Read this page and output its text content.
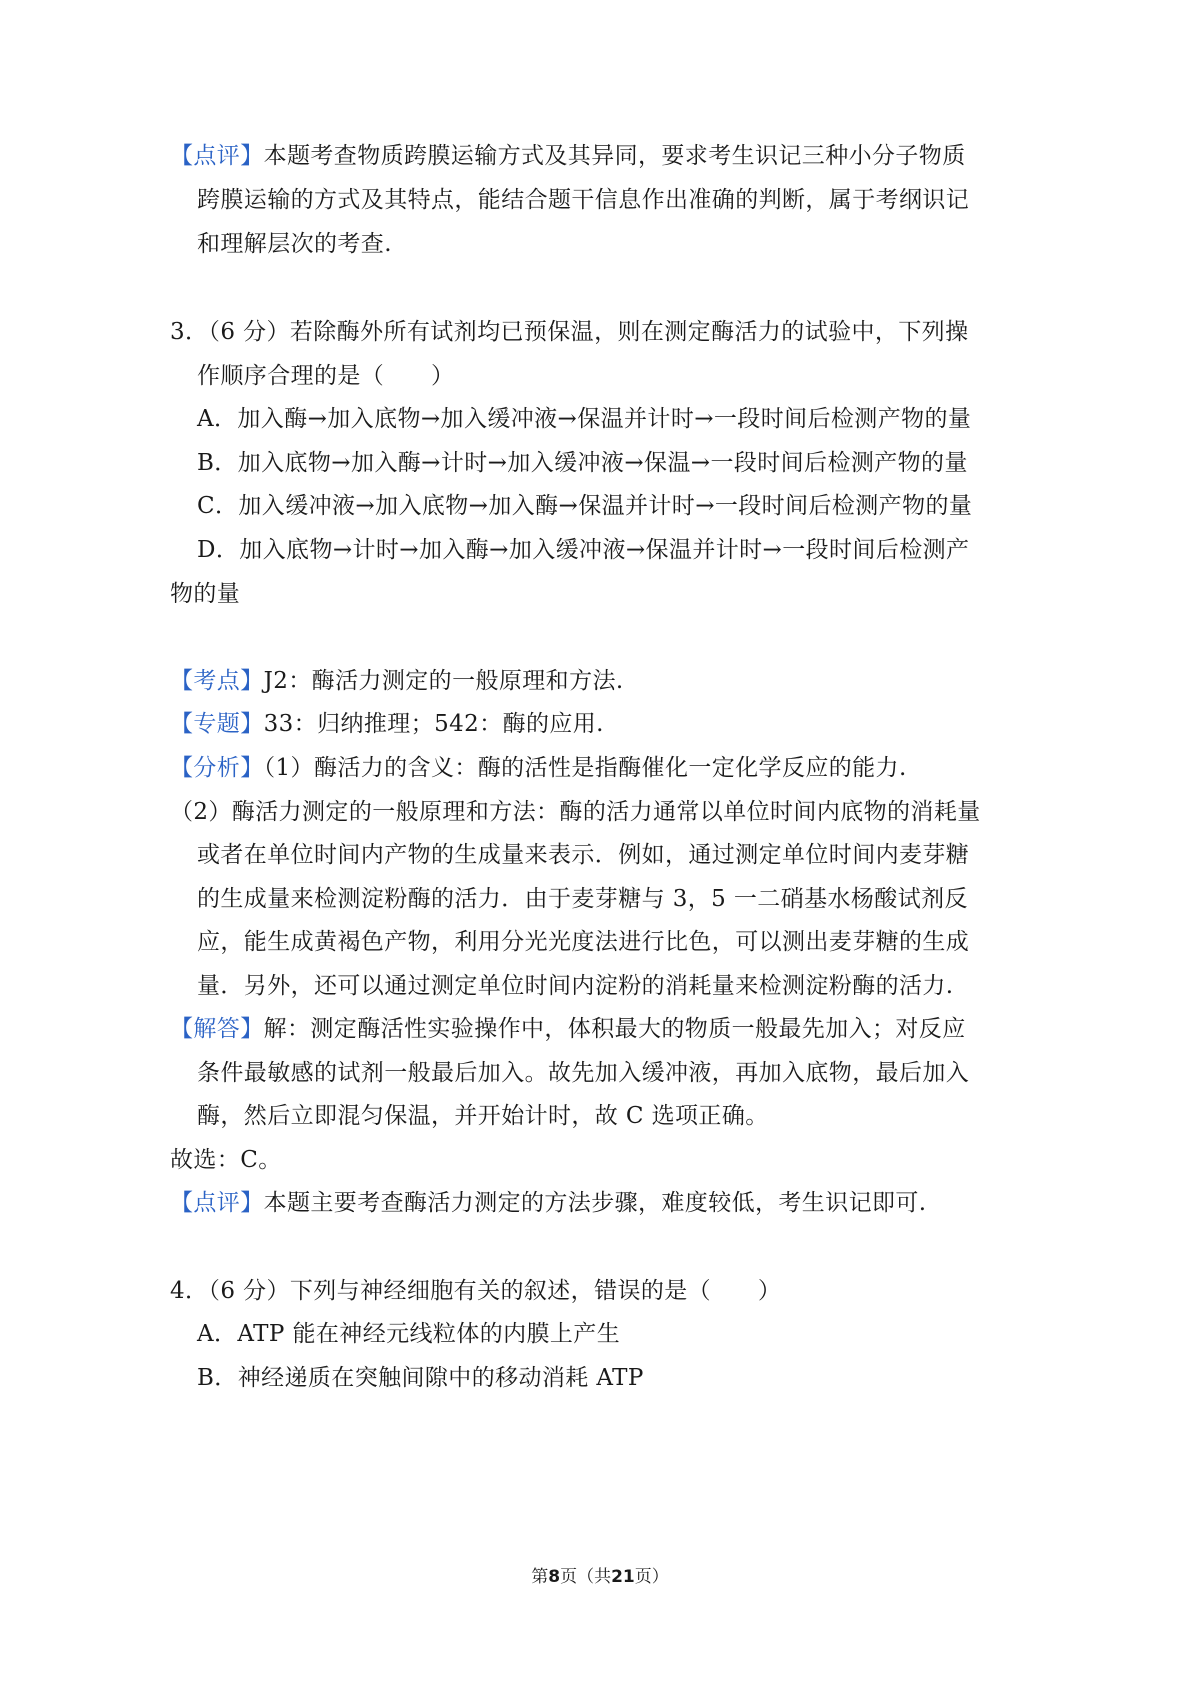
【点评】本题考查物质跨膜运输方式及其异同，要求考生识记三种小分子物质
跨膜运输的方式及其特点，能结合题干信息作出准确的判断，属于考纲识记
和理解层次的考查.
3．（6 分）若除酶外所有试剂均已预保温，则在测定酶活力的试验中，下列操
作顺序合理的是（　　）
A．加入酶→加入底物→加入缓冲液→保温并计时→一段时间后检测产物的量
B．加入底物→加入酶→计时→加入缓冲液→保温→一段时间后检测产物的量
C．加入缓冲液→加入底物→加入酶→保温并计时→一段时间后检测产物的量
D．加入底物→计时→加入酶→加入缓冲液→保温并计时→一段时间后检测产
物的量
【考点】J2：酶活力测定的一般原理和方法.
【专题】33：归纳推理；542：酶的应用.
【分析】（1）酶活力的含义：酶的活性是指酶催化一定化学反应的能力.
（2）酶活力测定的一般原理和方法：酶的活力通常以单位时间内底物的消耗量
或者在单位时间内产物的生成量来表示．例如，通过测定单位时间内麦芽糖
的生成量来检测淀粉酶的活力．由于麦芽糖与 3，5 一二硝基水杨酸试剂反
应，能生成黄褐色产物，利用分光光度法进行比色，可以测出麦芽糖的生成
量．另外，还可以通过测定单位时间内淀粉的消耗量来检测淀粉酶的活力.
【解答】解：测定酶活性实验操作中，体积最大的物质一般最先加入；对反应
条件最敏感的试剂一般最后加入。故先加入缓冲液，再加入底物，最后加入
酶，然后立即混匀保温，并开始计时，故 C 选项正确。
故选：C。
【点评】本题主要考查酶活力测定的方法步骤，难度较低，考生识记即可.
4．（6 分）下列与神经细胞有关的叙述，错误的是（　　）
A．ATP 能在神经元线粒体的内膜上产生
B．神经递质在突触间隙中的移动消耗 ATP
第8页（共21页）
